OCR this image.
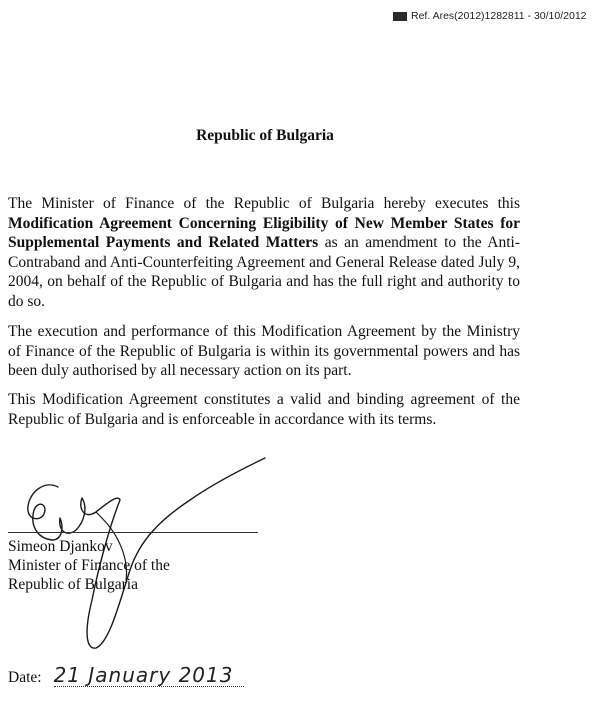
Ref. Ares(2012)1282811 - 30/10/2012
Republic of Bulgaria

The Minister of Finance of the Republic of Bulgaria hereby executes this Modification Agreement Concerning Eligibility of New Member States for Supplemental Payments and Related Matters as an amendment to the Anti-Contraband and Anti-Counterfeiting Agreement and General Release dated July 9, 2004, on behalf of the Republic of Bulgaria and has the full right and authority to do so.

The execution and performance of this Modification Agreement by the Ministry of Finance of the Republic of Bulgaria is within its governmental powers and has been duly authorised by all necessary action on its part.

This Modification Agreement constitutes a valid and binding agreement of the Republic of Bulgaria and is enforceable in accordance with its terms.

Simeon Djankov
Minister of Finance of the
Republic of Bulgaria
Date: 21 January 2013
